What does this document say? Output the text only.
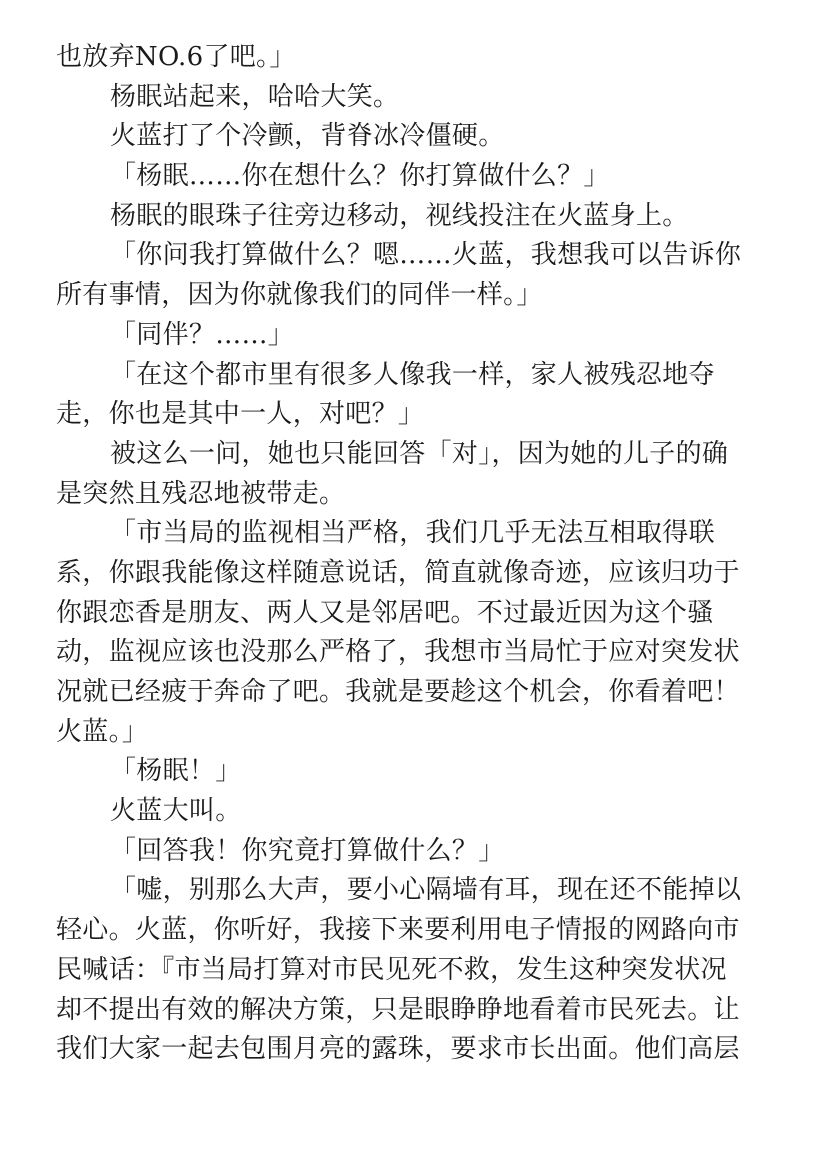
也放弃NO.6了吧。」
杨眠站起来，哈哈大笑。
火蓝打了个冷颤，背脊冰冷僵硬。
「杨眠……你在想什么？你打算做什么？」
杨眠的眼珠子往旁边移动，视线投注在火蓝身上。
「你问我打算做什么？嗯……火蓝，我想我可以告诉你
所有事情，因为你就像我们的同伴一样。」
「同伴？……」
「在这个都市里有很多人像我一样，家人被残忍地夺
走，你也是其中一人，对吧？」
被这么一问，她也只能回答「对」，因为她的儿子的确
是突然且残忍地被带走。
「市当局的监视相当严格，我们几乎无法互相取得联
系，你跟我能像这样随意说话，简直就像奇迹，应该归功于
你跟恋香是朋友、两人又是邻居吧。不过最近因为这个骚
动，监视应该也没那么严格了，我想市当局忙于应对突发状
况就已经疲于奔命了吧。我就是要趁这个机会，你看着吧！
火蓝。」
「杨眠！」
火蓝大叫。
「回答我！你究竟打算做什么？」
「嘘，别那么大声，要小心隔墙有耳，现在还不能掉以
轻心。火蓝，你听好，我接下来要利用电子情报的网路向市
民喊话：『市当局打算对市民见死不救，发生这种突发状况
却不提出有效的解决方策，只是眼睁睁地看着市民死去。让
我们大家一起去包围月亮的露珠，要求市长出面。他们高层
